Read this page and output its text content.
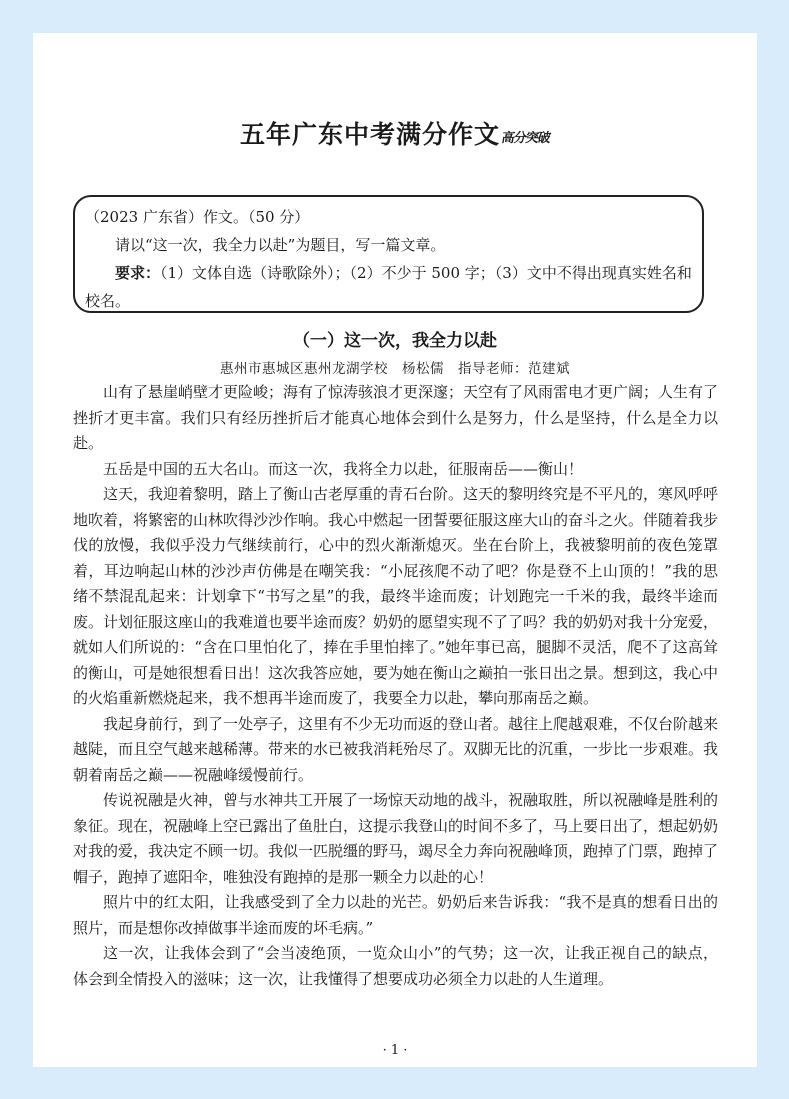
五年广东中考满分作文高分突破

（2023 广东省）作文。（50 分）

请以“这一次，我全力以赴”为题目，写一篇文章。

要求：（1）文体自选（诗歌除外）；（2）不少于 500 字；（3）文中不得出现真实姓名和校名。

（一）这一次，我全力以赴
惠州市惠城区惠州龙湖学校　杨松儒　指导老师：范建斌

山有了悬崖峭壁才更险峻；海有了惊涛骇浪才更深邃；天空有了风雨雷电才更广阔；人生有了挫折才更丰富。我们只有经历挫折后才能真心地体会到什么是努力，什么是坚持，什么是全力以赴。

五岳是中国的五大名山。而这一次，我将全力以赴，征服南岳——衡山！

这天，我迎着黎明，踏上了衡山古老厚重的青石台阶。这天的黎明终究是不平凡的，寒风呼呼地吹着，将繁密的山林吹得沙沙作响。我心中燃起一团誓要征服这座大山的奋斗之火。伴随着我步伐的放慢，我似乎没力气继续前行，心中的烈火渐渐熄灭。坐在台阶上，我被黎明前的夜色笼罩着，耳边响起山林的沙沙声仿佛是在嘲笑我：“小屁孩爬不动了吧？你是登不上山顶的！”我的思绪不禁混乱起来：计划拿下“书写之星”的我，最终半途而废；计划跑完一千米的我，最终半途而废。计划征服这座山的我难道也要半途而废？奶奶的愿望实现不了了吗？我的奶奶对我十分宠爱，就如人们所说的：“含在口里怕化了，捧在手里怕摔了。”她年事已高，腿脚不灵活，爬不了这高耸的衡山，可是她很想看日出！这次我答应她，要为她在衡山之巅拍一张日出之景。想到这，我心中的火焰重新燃烧起来，我不想再半途而废了，我要全力以赴，攀向那南岳之巅。

我起身前行，到了一处亭子，这里有不少无功而返的登山者。越往上爬越艰难，不仅台阶越来越陡，而且空气越来越稀薄。带来的水已被我消耗殆尽了。双脚无比的沉重，一步比一步艰难。我朝着南岳之巅——祝融峰缓慢前行。

传说祝融是火神，曾与水神共工开展了一场惊天动地的战斗，祝融取胜，所以祝融峰是胜利的象征。现在，祝融峰上空已露出了鱼肚白，这提示我登山的时间不多了，马上要日出了，想起奶奶对我的爱，我决定不顾一切。我似一匹脱缰的野马，竭尽全力奔向祝融峰顶，跑掉了门票，跑掉了帽子，跑掉了遮阳伞，唯独没有跑掉的是那一颗全力以赴的心！

照片中的红太阳，让我感受到了全力以赴的光芒。奶奶后来告诉我：“我不是真的想看日出的照片，而是想你改掉做事半途而废的坏毛病。”

这一次，让我体会到了“会当凌绝顶，一览众山小”的气势；这一次，让我正视自己的缺点，体会到全情投入的滋味；这一次，让我懂得了想要成功必须全力以赴的人生道理。

· 1 ·
